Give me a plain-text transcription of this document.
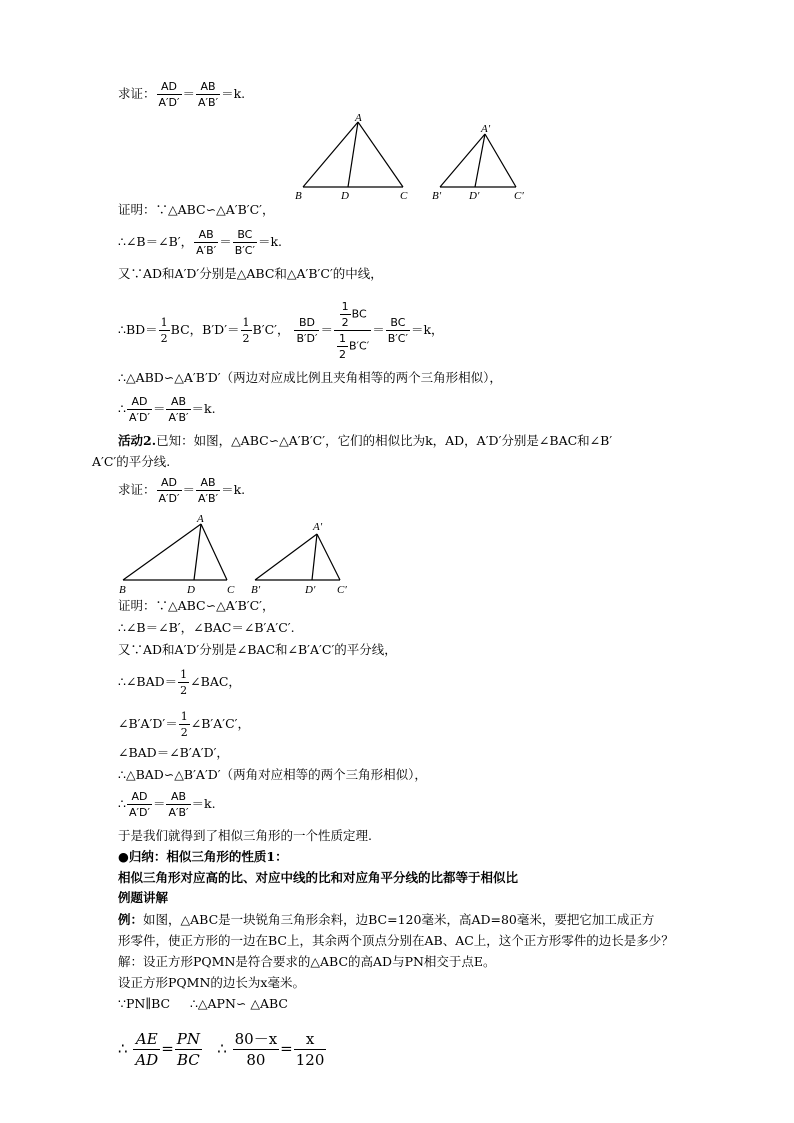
求证： $\frac{AD}{A'D'} = \frac{AB}{A'B'} =k$.
A
B	D	C
A′
B′	D′	C′
证明：∵△ABC∽△A′B′C′，
∴∠B＝∠B′， $\frac{AB}{A'B'} = \frac{BC}{B'C'} =k$.
又∵AD和A′D′分别是△ABC和△A′B′C′的中线，
∴BD＝ $\frac{1}{2}$ BC，$B'D'= \frac{1}{2} B'C'$， $\frac{BD}{B'D'} = \frac{\frac{1}{2} BC}{\frac{1}{2} B'C'} = \frac{BC}{B'C'} =k$，
∴△ABD∽△A′B′D′（两边对应成比例且夹角相等的两个三角形相似），
∴ $\frac{AD}{A'D'} = \frac{AB}{A'B'} =k$.
活动2.已知：如图，△ABC∽△A′B′C′，它们的相似比为k，AD，A′D′分别是∠BAC和∠B′
A′C′的平分线.
求证： $\frac{AD}{A'D'} = \frac{AB}{A'B'} =k$.
A
B	D	C
A′
B′	D′ C′
证明：∵△ABC∽△A′B′C′，
∴∠B＝∠B′，∠BAC＝∠B′A′C′.
又∵AD和A′D′分别是∠BAC和∠B′A′C′的平分线，
∴∠BAD＝ $\frac{1}{2}$ ∠BAC，
∠B′A′D′＝ $\frac{1}{2}$ ∠B′A′C′，
∠BAD＝∠B′A′D′，
∴△BAD∽△B′A′D′（两角对应相等的两个三角形相似），
∴ $\frac{AD}{A'D'} = \frac{AB}{A'B'} =k$.
于是我们就得到了相似三角形的一个性质定理.
●归纳：相似三角形的性质1：
相似三角形对应高的比、对应中线的比和对应角平分线的比都等于相似比
例题讲解
例：如图，△ABC是一块锐角三角形余料，边BC=120毫米，高AD=80毫米，要把它加工成正方
形零件，使正方形的一边在BC上，其余两个顶点分别在AB、AC上，这个正方形零件的边长是多少？
解：设正方形PQMN是符合要求的△ABC的高AD与PN相交于点E。
设正方形PQMN的边长为x毫米。
∵PN∥BC ∴△APN∽ △ABC
∴ $\frac{AE}{AD} = \frac{PN}{BC}$ ∴ $\frac{80-x}{80} = \frac{x}{120}$
